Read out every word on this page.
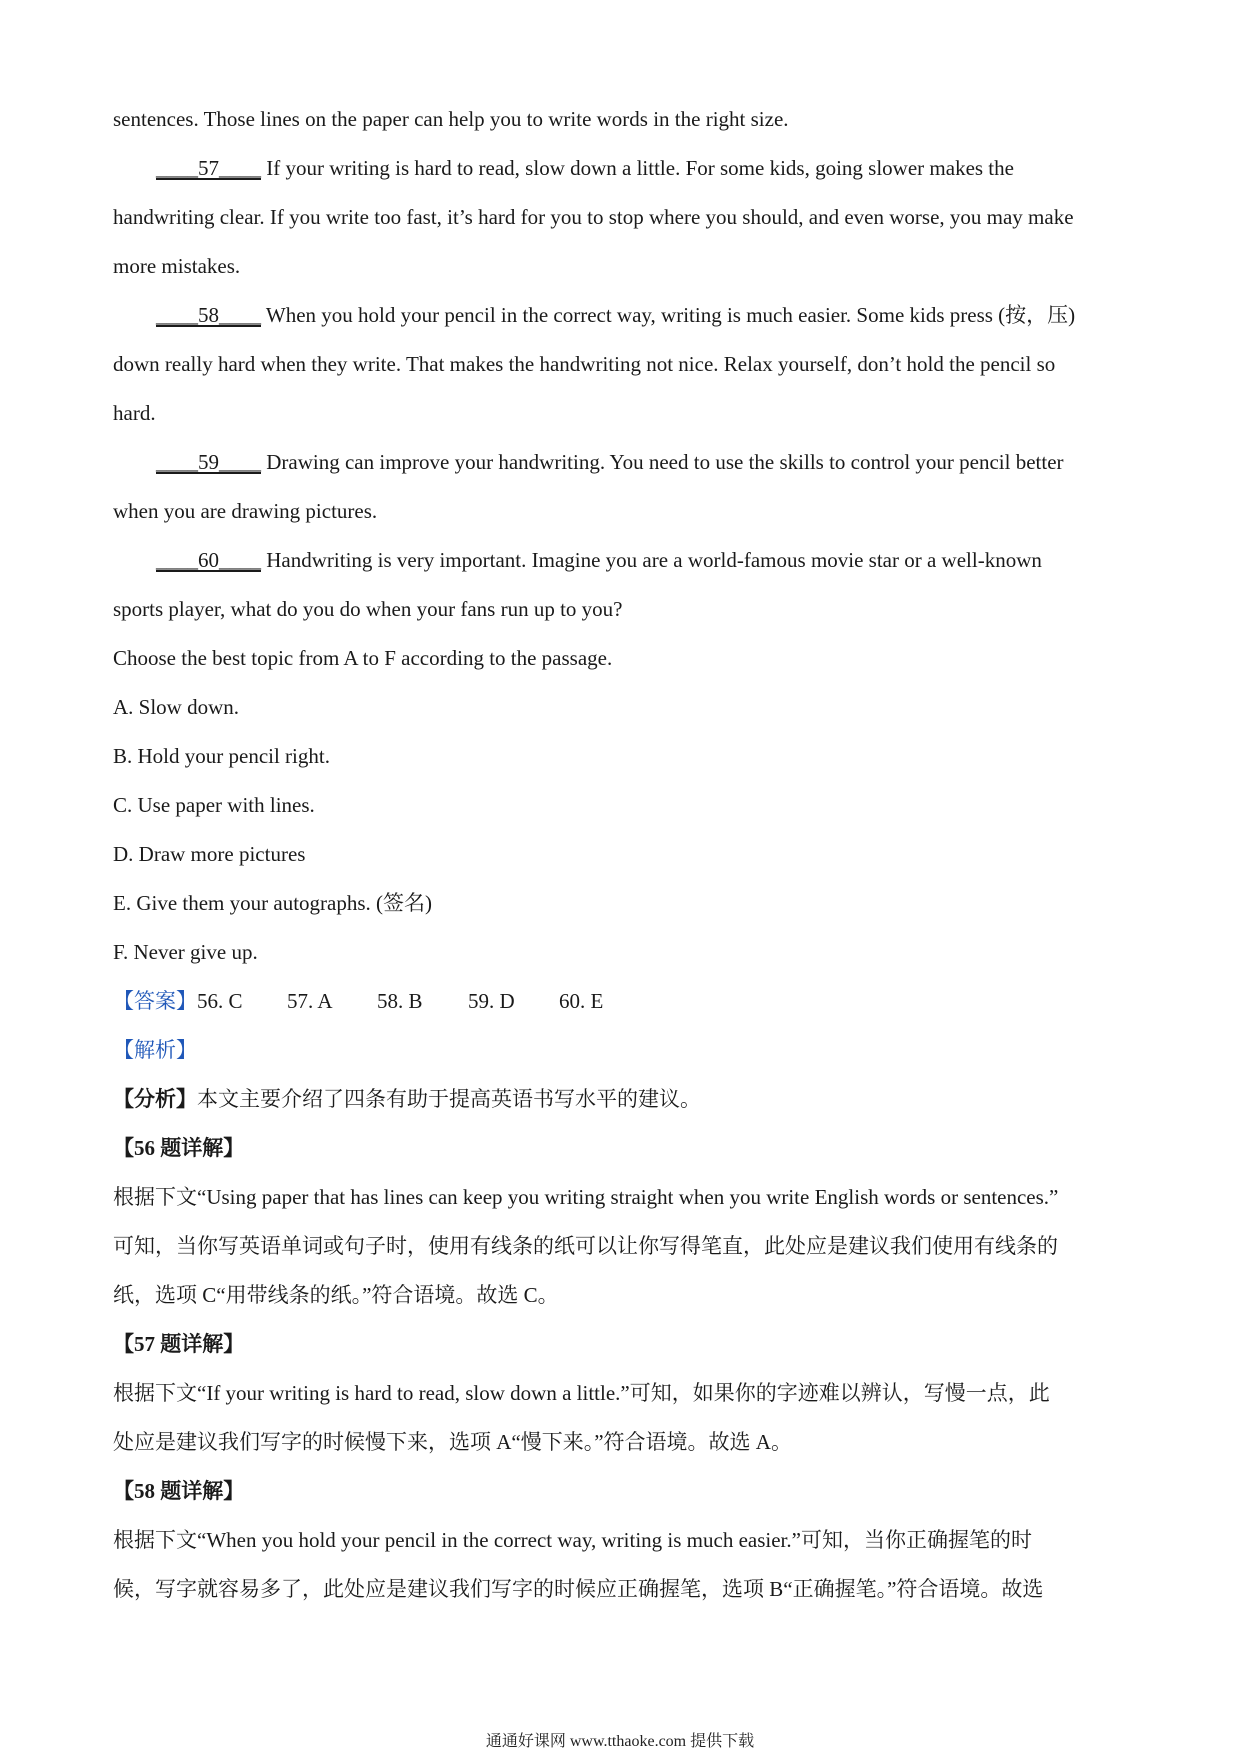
sentences. Those lines on the paper can help you to write words in the right size.
____57____ If your writing is hard to read, slow down a little. For some kids, going slower makes the
handwriting clear. If you write too fast, it’s hard for you to stop where you should, and even worse, you may make
more mistakes.
____58____ When you hold your pencil in the correct way, writing is much easier. Some kids press (按，压)
down really hard when they write. That makes the handwriting not nice. Relax yourself, don’t hold the pencil so
hard.
____59____ Drawing can improve your handwriting. You need to use the skills to control your pencil better
when you are drawing pictures.
____60____ Handwriting is very important. Imagine you are a world-famous movie star or a well-known
sports player, what do you do when your fans run up to you?
Choose the best topic from A to F according to the passage.
A. Slow down.
B. Hold your pencil right.
C. Use paper with lines.
D. Draw more pictures
E. Give them your autographs. (签名)
F. Never give up.
【答案】56. C 57. A 58. B 59. D 60. E
【解析】
【分析】本文主要介绍了四条有助于提高英语书写水平的建议。
【56 题详解】
根据下文“Using paper that has lines can keep you writing straight when you write English words or sentences.”
可知，当你写英语单词或句子时，使用有线条的纸可以让你写得笔直，此处应是建议我们使用有线条的
纸，选项 C“用带线条的纸。”符合语境。故选 C。
【57 题详解】
根据下文“If your writing is hard to read, slow down a little.”可知，如果你的字迹难以辨认，写慢一点，此
处应是建议我们写字的时候慢下来，选项 A“慢下来。”符合语境。故选 A。
【58 题详解】
根据下文“When you hold your pencil in the correct way, writing is much easier.”可知，当你正确握笔的时
候，写字就容易多了，此处应是建议我们写字的时候应正确握笔，选项 B“正确握笔。”符合语境。故选
通通好课网 www.tthaoke.com 提供下载
